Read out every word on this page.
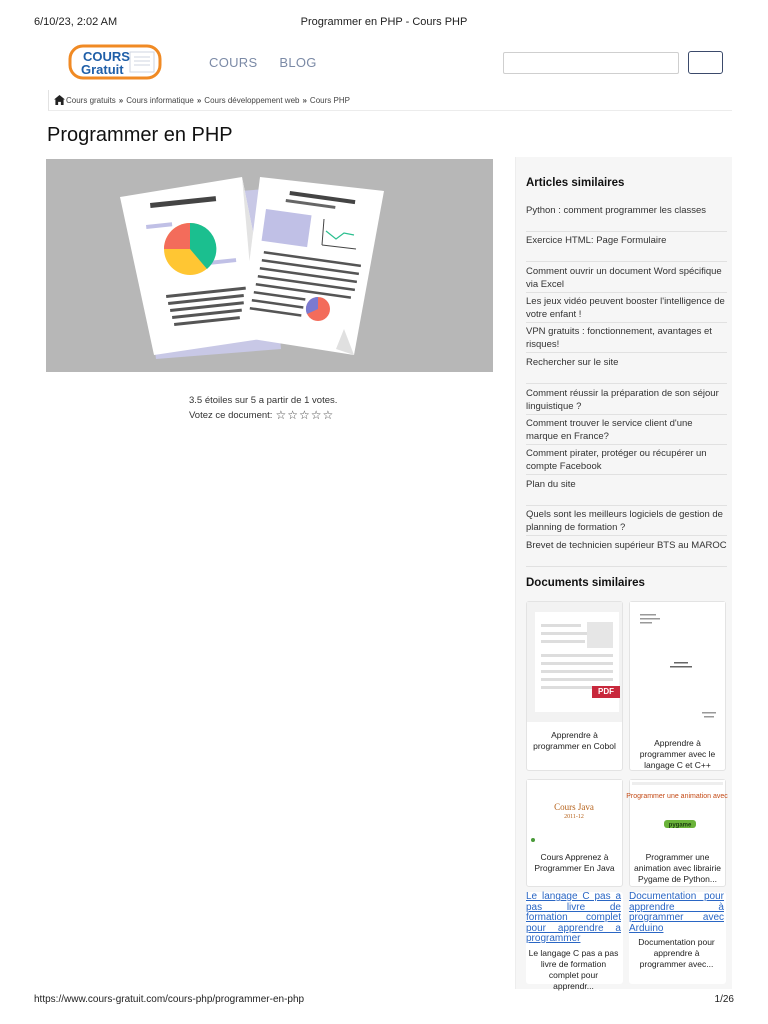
6/10/23, 2:02 AM	Programmer en PHP - Cours PHP
COURS
Gratuit	COURS BLOG
Cours gratuits » Cours informatique » Cours développement web » Cours PHP
Programmer en PHP
3.5 étoiles sur 5 a partir de 1 votes.
Votez ce document: ☆☆☆☆☆
Articles similaires
Python : comment programmer les classes
Exercice HTML: Page Formulaire
Comment ouvrir un document Word spécifique via Excel
Les jeux vidéo peuvent booster l'intelligence de votre enfant !
VPN gratuits : fonctionnement, avantages et risques!
Rechercher sur le site
Comment réussir la préparation de son séjour linguistique ?
Comment trouver le service client d'une marque en France?
Comment pirater, protéger ou récupérer un compte Facebook
Plan du site
Quels sont les meilleurs logiciels de gestion de planning de formation ?
Brevet de technicien supérieur BTS au MAROC
Documents similaires
PDF
Apprendre à programmer en Cobol	Apprendre à programmer avec le langage C et C++
Cours Java
2011-12
Cours Apprenez à Programmer En Java
Programmer une animation avec
pygame
Programmer une animation avec librairie Pygame de Python...
Le langage C pas a pas livre de formation complet pour apprendre a programmer
Le langage C pas a pas livre de formation complet pour apprendr...
Documentation pour apprendre à programmer avec Arduino
Documentation pour apprendre à programmer avec...
https://www.cours-gratuit.com/cours-php/programmer-en-php	1/26
